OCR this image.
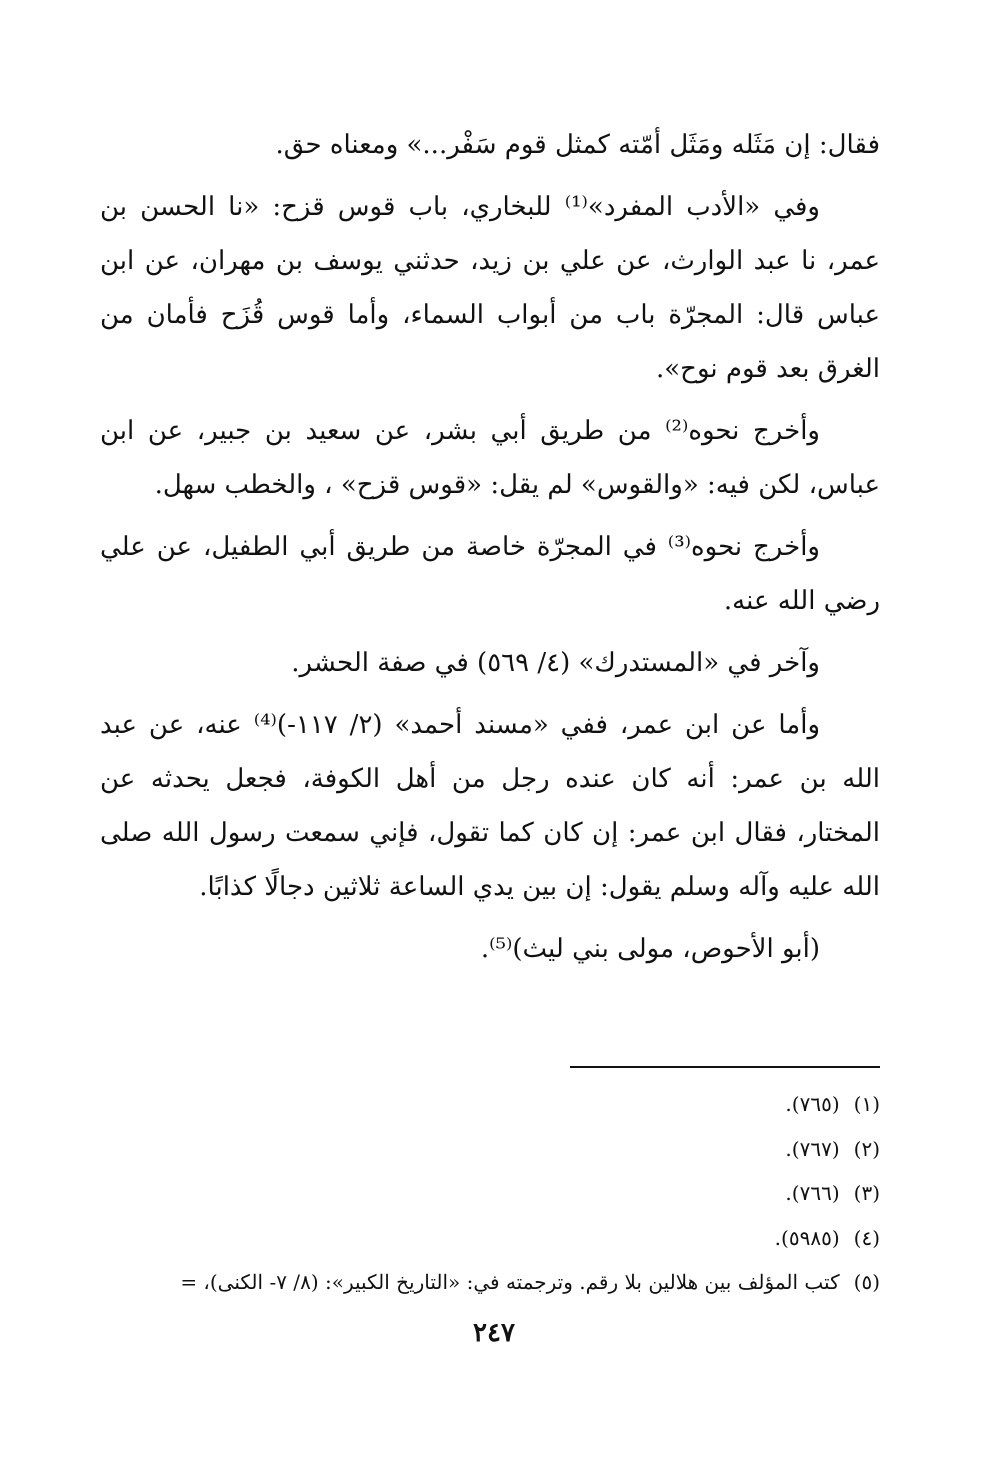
فقال: إن مَثَله ومَثَل أمّته كمثل قوم سَفْر...» ومعناه حق.

وفي «الأدب المفرد»⁽¹⁾ للبخاري، باب قوس قزح: «نا الحسن بن عمر، نا عبد الوارث، عن علي بن زيد، حدثني يوسف بن مهران، عن ابن عباس قال: المجرّة باب من أبواب السماء، وأما قوس قُزَح فأمان من الغرق بعد قوم نوح».

وأخرج نحوه⁽²⁾ من طريق أبي بشر، عن سعيد بن جبير، عن ابن عباس، لكن فيه: «والقوس» لم يقل: «قوس قزح» ، والخطب سهل.

وأخرج نحوه⁽³⁾ في المجرّة خاصة من طريق أبي الطفيل، عن علي رضي الله عنه.

وآخر في «المستدرك» (٤/ ٥٦٩) في صفة الحشر.

وأما عن ابن عمر، ففي «مسند أحمد» (٢/ ١١٧-)⁽⁴⁾ عنه، عن عبد الله بن عمر: أنه كان عنده رجل من أهل الكوفة، فجعل يحدثه عن المختار، فقال ابن عمر: إن كان كما تقول، فإني سمعت رسول الله صلى الله عليه وآله وسلم يقول: إن بين يدي الساعة ثلاثين دجالًا كذابًا.

(أبو الأحوص، مولى بني ليث)⁽⁵⁾.

(١)(٧٦٥).
(٢)(٧٦٧).
(٣)(٧٦٦).
(٤)(٥٩٨٥).
(٥)كتب المؤلف بين هلالين بلا رقم. وترجمته في: «التاريخ الكبير»: (٨/ ٧- الكنى)، =
٢٤٧
